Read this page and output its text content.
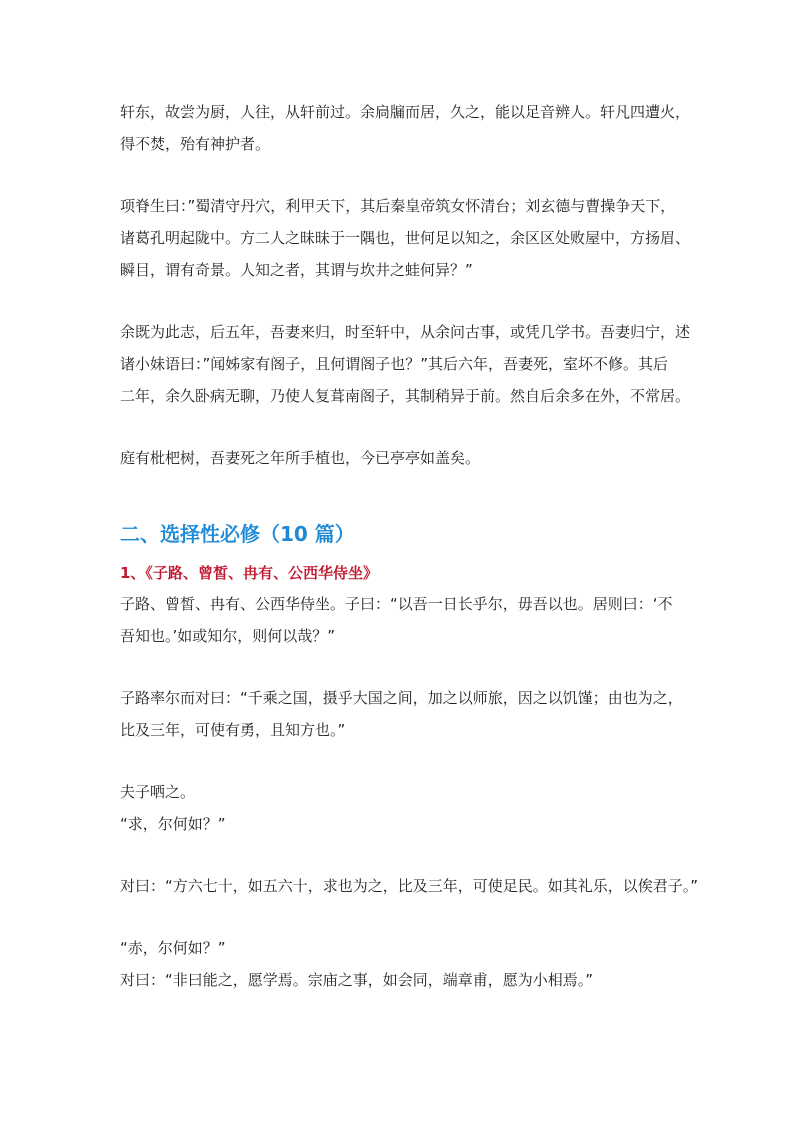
轩东，故尝为厨，人往，从轩前过。余扃牖而居，久之，能以足音辨人。轩凡四遭火，
得不焚，殆有神护者。

项脊生曰：”蜀清守丹穴，利甲天下，其后秦皇帝筑女怀清台；刘玄德与曹操争天下，
诸葛孔明起陇中。方二人之昧昧于一隅也，世何足以知之，余区区处败屋中，方扬眉、
瞬目，谓有奇景。人知之者，其谓与坎井之蛙何异？”

余既为此志，后五年，吾妻来归，时至轩中，从余问古事，或凭几学书。吾妻归宁，述
诸小妹语曰：”闻姊家有阁子，且何谓阁子也？”其后六年，吾妻死，室坏不修。其后
二年，余久卧病无聊，乃使人复葺南阁子，其制稍异于前。然自后余多在外，不常居。

庭有枇杷树，吾妻死之年所手植也，今已亭亭如盖矣。

二、选择性必修（10 篇）
1、《子路、曾皙、冉有、公西华侍坐》

子路、曾皙、冉有、公西华侍坐。子曰：“以吾一日长乎尔，毋吾以也。居则曰：‘不
吾知也。’如或知尔，则何以哉？”

子路率尔而对曰：“千乘之国，摄乎大国之间，加之以师旅，因之以饥馑；由也为之，
比及三年，可使有勇，且知方也。”

夫子哂之。

“求，尔何如？”

对曰：“方六七十，如五六十，求也为之，比及三年，可使足民。如其礼乐，以俟君子。”

“赤，尔何如？”

对曰：“非曰能之，愿学焉。宗庙之事，如会同，端章甫，愿为小相焉。”
